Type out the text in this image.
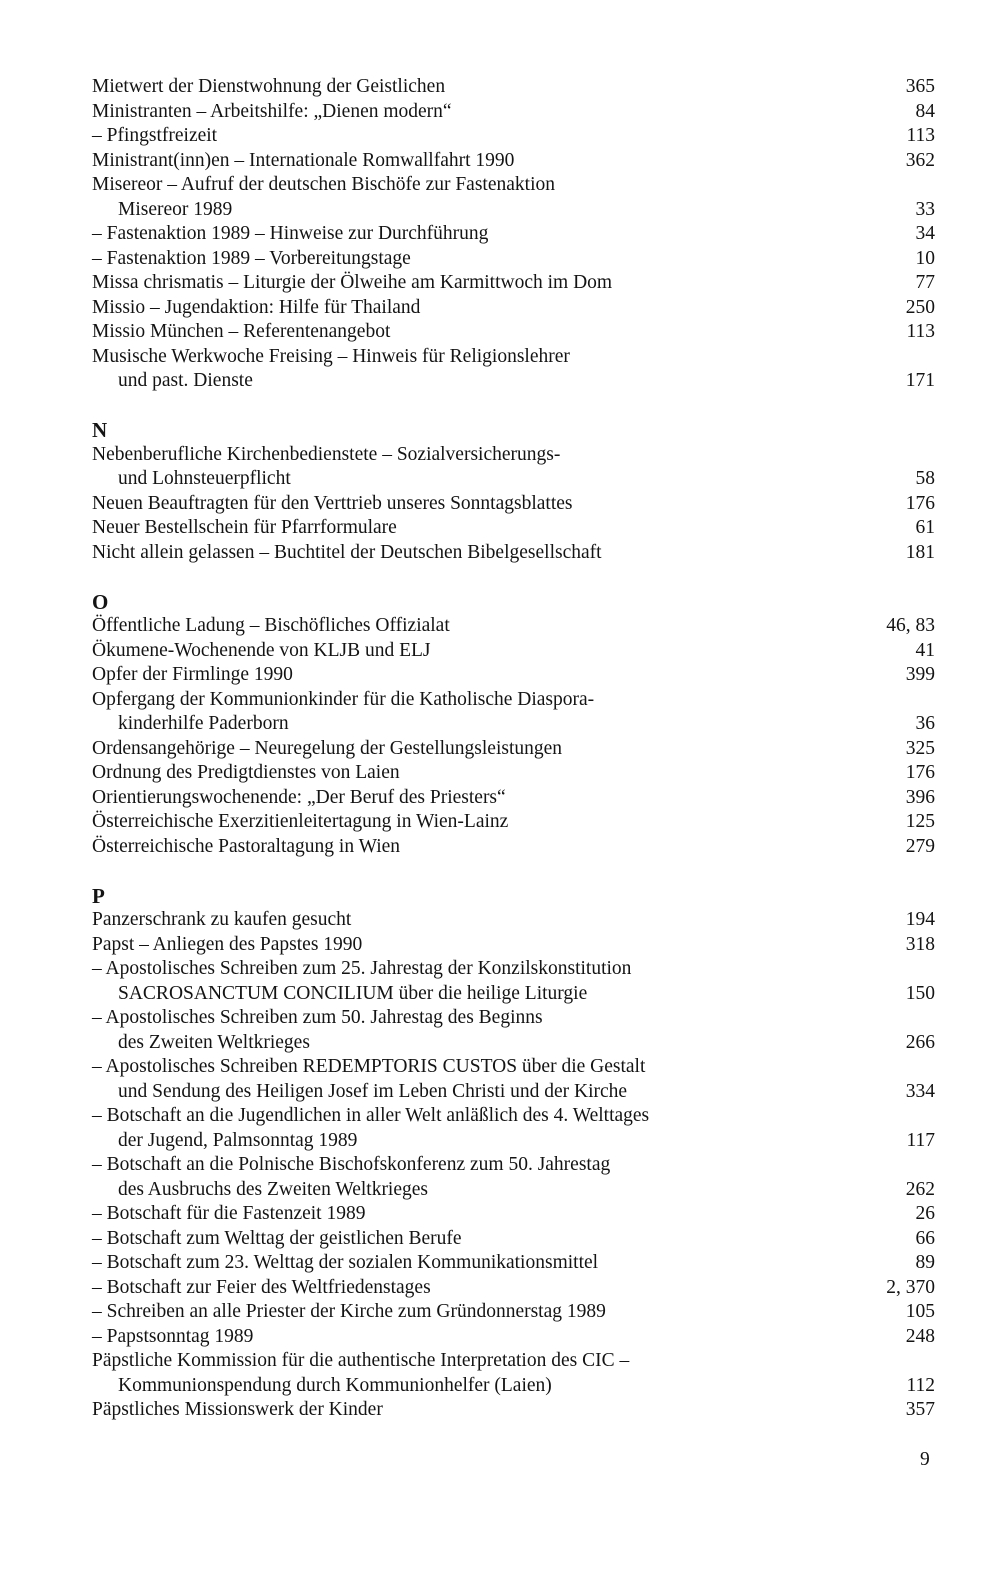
Mietwert der Dienstwohnung der Geistlichen	365
Ministranten – Arbeitshilfe: „Dienen modern“	84
– Pfingstfreizeit	113
Ministrant(inn)en – Internationale Romwallfahrt 1990	362
Misereor – Aufruf der deutschen Bischöfe zur Fastenaktion
Misereor 1989	33
– Fastenaktion 1989 – Hinweise zur Durchführung	34
– Fastenaktion 1989 – Vorbereitungstage	10
Missa chrismatis – Liturgie der Ölweihe am Karmittwoch im Dom	77
Missio – Jugendaktion: Hilfe für Thailand	250
Missio München – Referentenangebot	113
Musische Werkwoche Freising – Hinweis für Religionslehrer
und past. Dienste	171
N
Nebenberufliche Kirchenbedienstete – Sozialversicherungs-
und Lohnsteuerpflicht	58
Neuen Beauftragten für den Verttrieb unseres Sonntagsblattes	176
Neuer Bestellschein für Pfarrformulare	61
Nicht allein gelassen – Buchtitel der Deutschen Bibelgesellschaft	181
O
Öffentliche Ladung – Bischöfliches Offizialat	46, 83
Ökumene-Wochenende von KLJB und ELJ	41
Opfer der Firmlinge 1990	399
Opfergang der Kommunionkinder für die Katholische Diaspora-
kinderhilfe Paderborn	36
Ordensangehörige – Neuregelung der Gestellungsleistungen	325
Ordnung des Predigtdienstes von Laien	176
Orientierungswochenende: „Der Beruf des Priesters“	396
Österreichische Exerzitienleitertagung in Wien-Lainz	125
Österreichische Pastoraltagung in Wien	279
P
Panzerschrank zu kaufen gesucht	194
Papst – Anliegen des Papstes 1990	318
– Apostolisches Schreiben zum 25. Jahrestag der Konzilskonstitution
SACROSANCTUM CONCILIUM über die heilige Liturgie	150
– Apostolisches Schreiben zum 50. Jahrestag des Beginns
des Zweiten Weltkrieges	266
– Apostolisches Schreiben REDEMPTORIS CUSTOS über die Gestalt
und Sendung des Heiligen Josef im Leben Christi und der Kirche	334
– Botschaft an die Jugendlichen in aller Welt anläßlich des 4. Welttages
der Jugend, Palmsonntag 1989	117
– Botschaft an die Polnische Bischofskonferenz zum 50. Jahrestag
des Ausbruchs des Zweiten Weltkrieges	262
– Botschaft für die Fastenzeit 1989	26
– Botschaft zum Welttag der geistlichen Berufe	66
– Botschaft zum 23. Welttag der sozialen Kommunikationsmittel	89
– Botschaft zur Feier des Weltfriedenstages	2, 370
– Schreiben an alle Priester der Kirche zum Gründonnerstag 1989	105
– Papstsonntag 1989	248
Päpstliche Kommission für die authentische Interpretation des CIC –
Kommunionspendung durch Kommunionhelfer (Laien)	112
Päpstliches Missionswerk der Kinder	357
9
